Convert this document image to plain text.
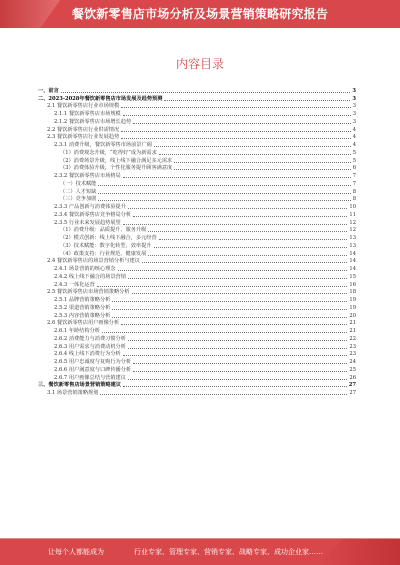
餐饮新零售店市场分析及场景营销策略研究报告
内容目录
一、前言	3
二、2023-2028年餐饮新零售店市场发展及趋势预测	3
2.1 餐饮新零售店行业市场规模	3
2.1.1 餐饮新零售店市场规模	3
2.1.2 餐饮新零售店市场增长趋势	3
2.2 餐饮新零售店行业供需情况	4
2.3 餐饮新零售店行业发展趋势	4
2.3.1 消费升级，餐饮新零售市场前景广阔	4
（1）消费观念升级，“吃得好”成为新需求	5
（2）消费场景升级，线上线下融合满足多元需求	5
（3）消费体验升级，个性化服务提升顾客满意度	6
2.3.2 餐饮新零售店市场格局	7
（一）技术赋能	7
（二）人才短缺	8
（三）竞争加剧	8
2.3.3 产品创新与消费体验提升	10
2.3.4 餐饮新零售店竞争格局分析	11
2.3.5 行业未来发展趋势展望	12
（1）消费升级：品质提升，服务升级	12
（2）模式创新：线上线下融合，多元经营	13
（3）技术赋能：数字化转型，效率提升	13
（4）政策支持：行业规范，健康发展	14
2.4 餐饮新零售店的场景营销分析与建议	14
2.4.1 场景营销的核心理念	14
2.4.2 线上线下融合的场景营销	15
2.4.3 一体化运营	16
2.5 餐饮新零售店市场营销策略分析	18
2.5.1 品牌营销策略分析	19
2.5.2 渠道营销策略分析	19
2.5.3 内容营销策略分析	20
2.6 餐饮新零售店用户画像分析	21
2.6.1 年龄结构分析	21
2.6.2 消费能力与消费习惯分析	22
2.6.3 用户需求与消费动机分析	23
2.6.4 线上线下消费行为分析	23
2.6.5 用户忠诚度与复购行为分析	24
2.6.6 用户满意度与口碑传播分析	25
2.6.7 用户画像总结与营销建议	26
三、餐饮新零售店场景营销策略建议	27
3.1 场景营销策略规划	27
让每个人都能成为	行业专家、管理专家、营销专家、战略专家、成功企业家……
